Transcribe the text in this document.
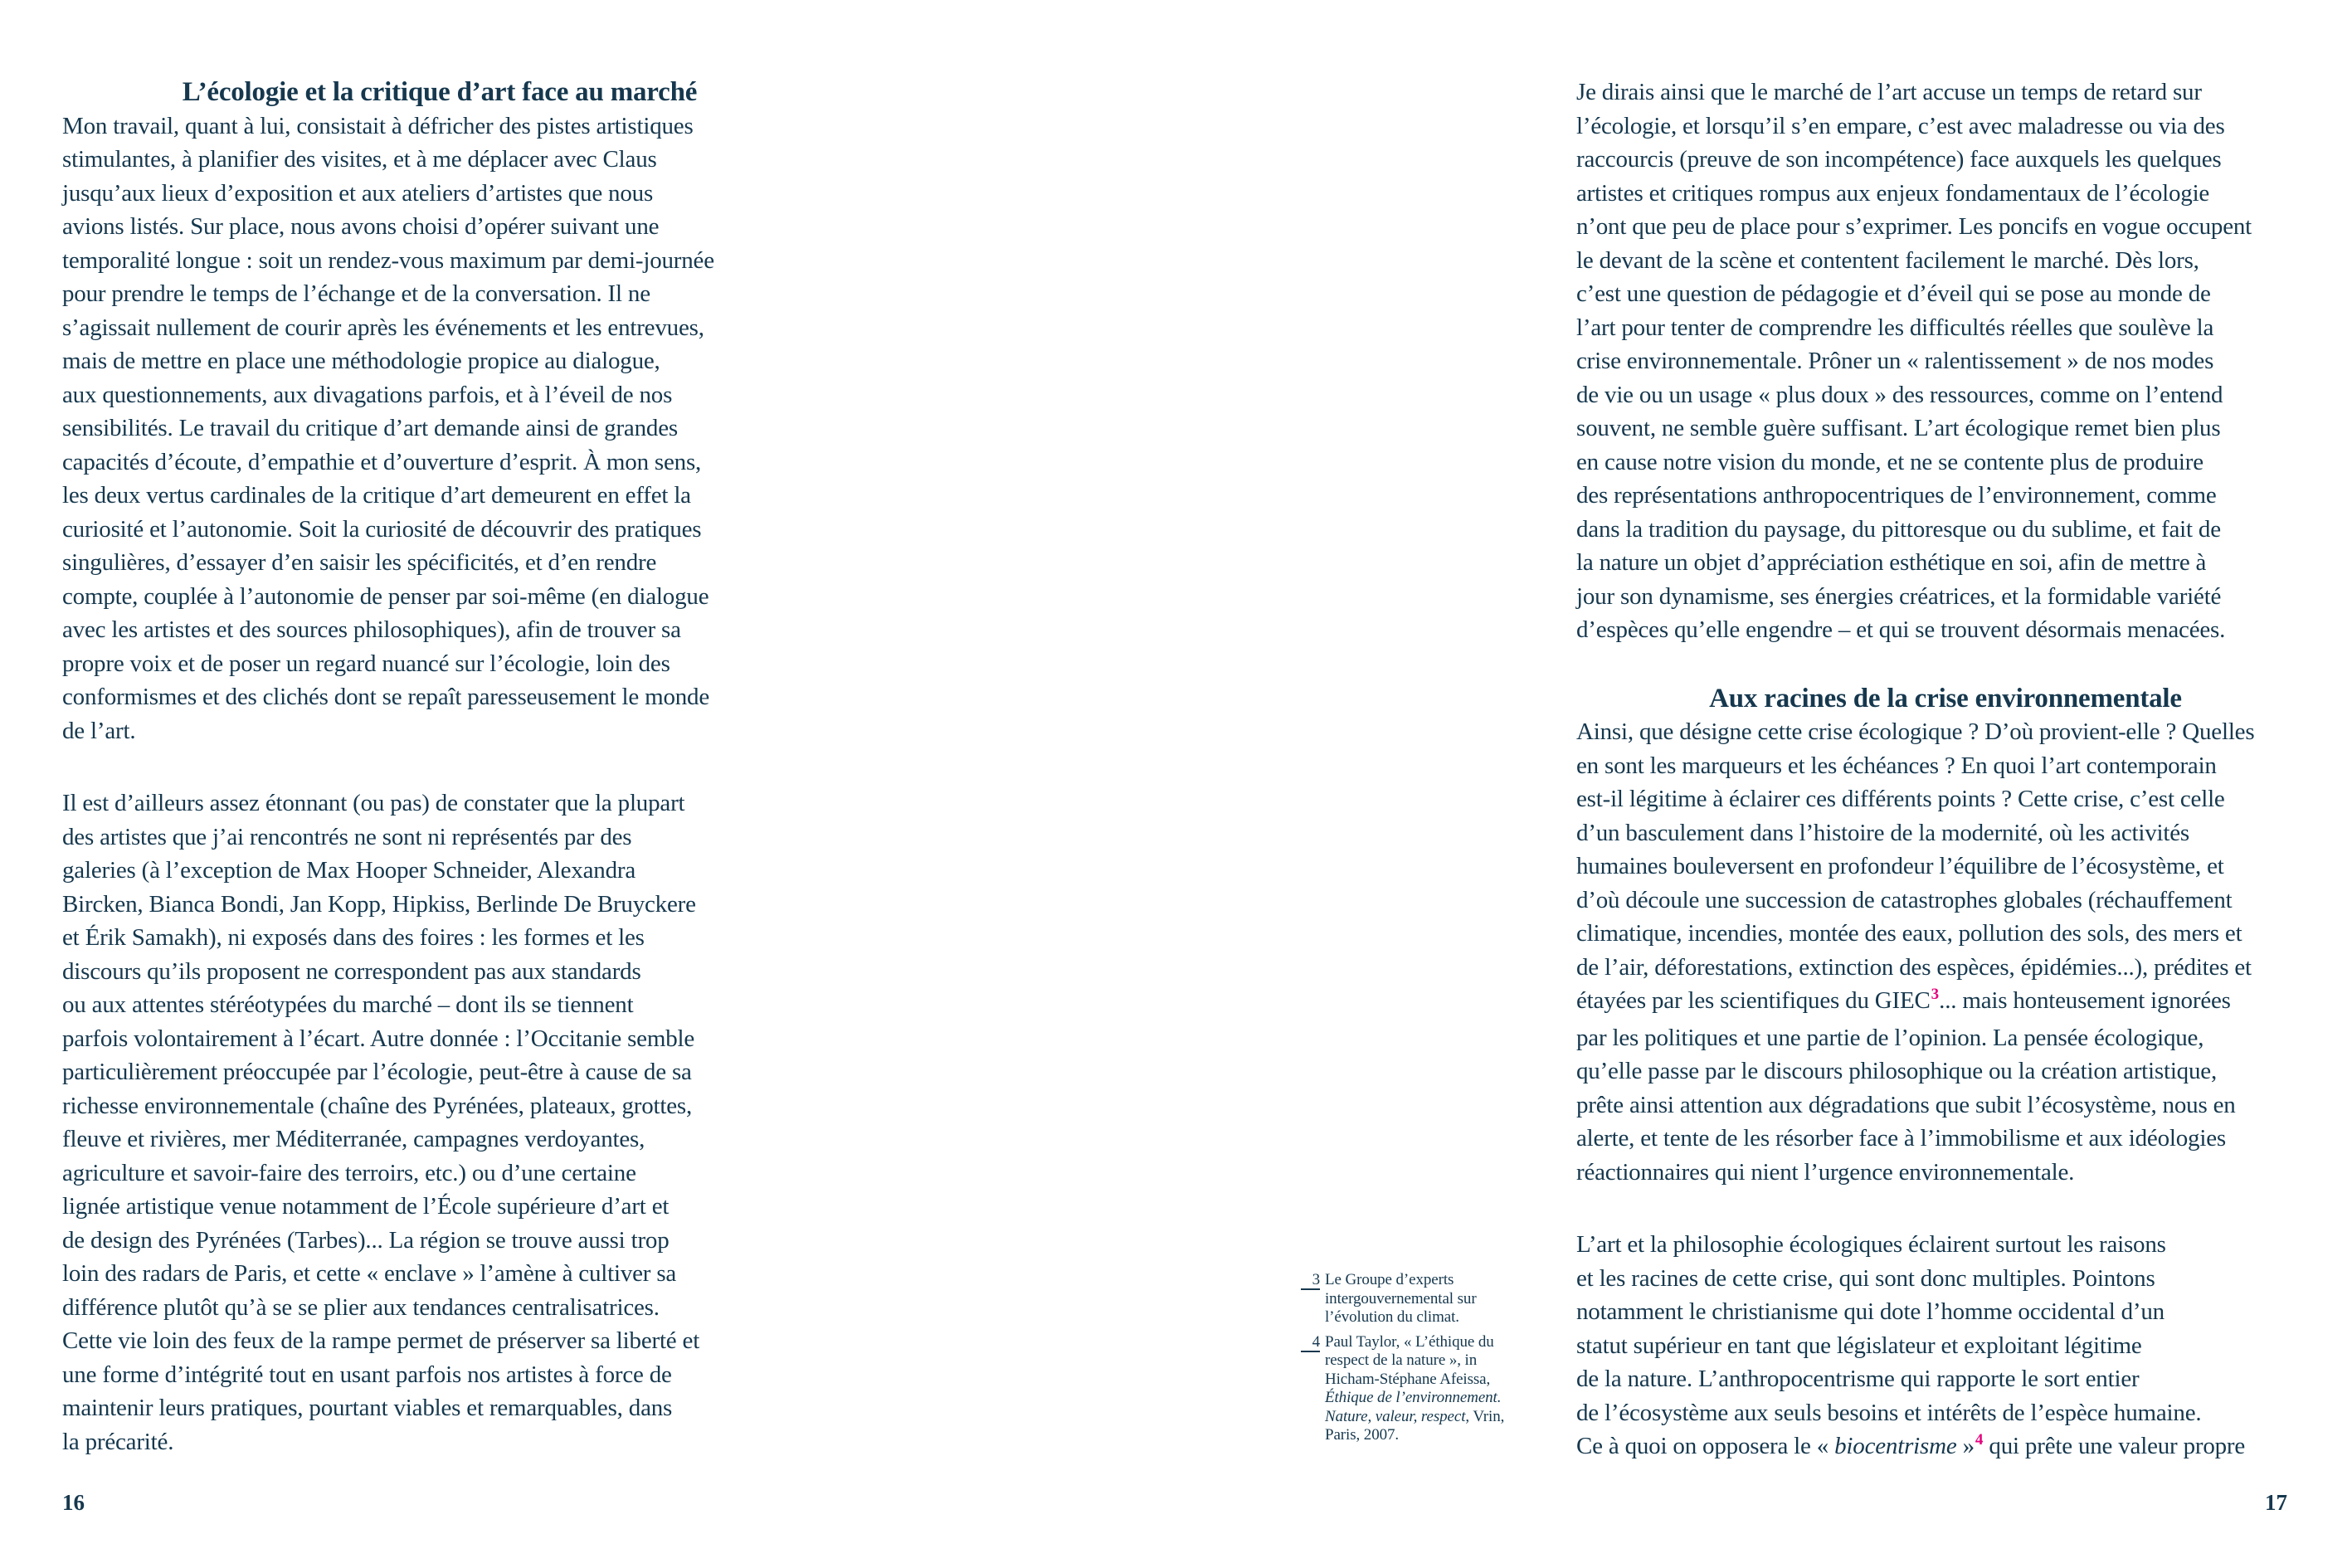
L’écologie et la critique d’art face au marché
Mon travail, quant à lui, consistait à défricher des pistes artistiques
stimulantes, à planifier des visites, et à me déplacer avec Claus
jusqu’aux lieux d’exposition et aux ateliers d’artistes que nous
avions listés. Sur place, nous avons choisi d’opérer suivant une
temporalité longue : soit un rendez-vous maximum par demi-journée
pour prendre le temps de l’échange et de la conversation. Il ne
s’agissait nullement de courir après les événements et les entrevues,
mais de mettre en place une méthodologie propice au dialogue,
aux questionnements, aux divagations parfois, et à l’éveil de nos
sensibilités. Le travail du critique d’art demande ainsi de grandes
capacités d’écoute, d’empathie et d’ouverture d’esprit. À mon sens,
les deux vertus cardinales de la critique d’art demeurent en effet la
curiosité et l’autonomie. Soit la curiosité de découvrir des pratiques
singulières, d’essayer d’en saisir les spécificités, et d’en rendre
compte, couplée à l’autonomie de penser par soi-même (en dialogue
avec les artistes et des sources philosophiques), afin de trouver sa
propre voix et de poser un regard nuancé sur l’écologie, loin des
conformismes et des clichés dont se repaît paresseusement le monde
de l’art.
Il est d’ailleurs assez étonnant (ou pas) de constater que la plupart
des artistes que j’ai rencontrés ne sont ni représentés par des
galeries (à l’exception de Max Hooper Schneider, Alexandra
Bircken, Bianca Bondi, Jan Kopp, Hipkiss, Berlinde De Bruyckere
et Érik Samakh), ni exposés dans des foires : les formes et les
discours qu’ils proposent ne correspondent pas aux standards
ou aux attentes stéréotypées du marché – dont ils se tiennent
parfois volontairement à l’écart. Autre donnée : l’Occitanie semble
particulièrement préoccupée par l’écologie, peut-être à cause de sa
richesse environnementale (chaîne des Pyrénées, plateaux, grottes,
fleuve et rivières, mer Méditerranée, campagnes verdoyantes,
agriculture et savoir-faire des terroirs, etc.) ou d’une certaine
lignée artistique venue notamment de l’École supérieure d’art et
de design des Pyrénées (Tarbes)... La région se trouve aussi trop
loin des radars de Paris, et cette « enclave » l’amène à cultiver sa
différence plutôt qu’à se se plier aux tendances centralisatrices.
Cette vie loin des feux de la rampe permet de préserver sa liberté et
une forme d’intégrité tout en usant parfois nos artistes à force de
maintenir leurs pratiques, pourtant viables et remarquables, dans
la précarité.
16
Je dirais ainsi que le marché de l’art accuse un temps de retard sur
l’écologie, et lorsqu’il s’en empare, c’est avec maladresse ou via des
raccourcis (preuve de son incompétence) face auxquels les quelques
artistes et critiques rompus aux enjeux fondamentaux de l’écologie
n’ont que peu de place pour s’exprimer. Les poncifs en vogue occupent
le devant de la scène et contentent facilement le marché. Dès lors,
c’est une question de pédagogie et d’éveil qui se pose au monde de
l’art pour tenter de comprendre les difficultés réelles que soulève la
crise environnementale. Prôner un « ralentissement » de nos modes
de vie ou un usage « plus doux » des ressources, comme on l’entend
souvent, ne semble guère suffisant. L’art écologique remet bien plus
en cause notre vision du monde, et ne se contente plus de produire
des représentations anthropocentriques de l’environnement, comme
dans la tradition du paysage, du pittoresque ou du sublime, et fait de
la nature un objet d’appréciation esthétique en soi, afin de mettre à
jour son dynamisme, ses énergies créatrices, et la formidable variété
d’espèces qu’elle engendre – et qui se trouvent désormais menacées.
Aux racines de la crise environnementale
Ainsi, que désigne cette crise écologique ? D’où provient-elle ? Quelles
en sont les marqueurs et les échéances ? En quoi l’art contemporain
est-il légitime à éclairer ces différents points ? Cette crise, c’est celle
d’un basculement dans l’histoire de la modernité, où les activités
humaines bouleversent en profondeur l’équilibre de l’écosystème, et
d’où découle une succession de catastrophes globales (réchauffement
climatique, incendies, montée des eaux, pollution des sols, des mers et
de l’air, déforestations, extinction des espèces, épidémies...), prédites et
étayées par les scientifiques du GIEC$^3$... mais honteusement ignorées
par les politiques et une partie de l’opinion. La pensée écologique,
qu’elle passe par le discours philosophique ou la création artistique,
prête ainsi attention aux dégradations que subit l’écosystème, nous en
alerte, et tente de les résorber face à l’immobilisme et aux idéologies
réactionnaires qui nient l’urgence environnementale.
L’art et la philosophie écologiques éclairent surtout les raisons
et les racines de cette crise, qui sont donc multiples. Pointons
notamment le christianisme qui dote l’homme occidental d’un
statut supérieur en tant que législateur et exploitant légitime
de la nature. L’anthropocentrisme qui rapporte le sort entier
de l’écosystème aux seuls besoins et intérêts de l’espèce humaine.
Ce à quoi on opposera le « biocentrisme »$^4$ qui prête une valeur propre
3 Le Groupe d’experts
intergouvernemental sur
l’évolution du climat.
4 Paul Taylor, « L’éthique du
respect de la nature », in
Hicham-Stéphane Afeissa,
Éthique de l’environnement.
Nature, valeur, respect, Vrin,
Paris, 2007.
17
